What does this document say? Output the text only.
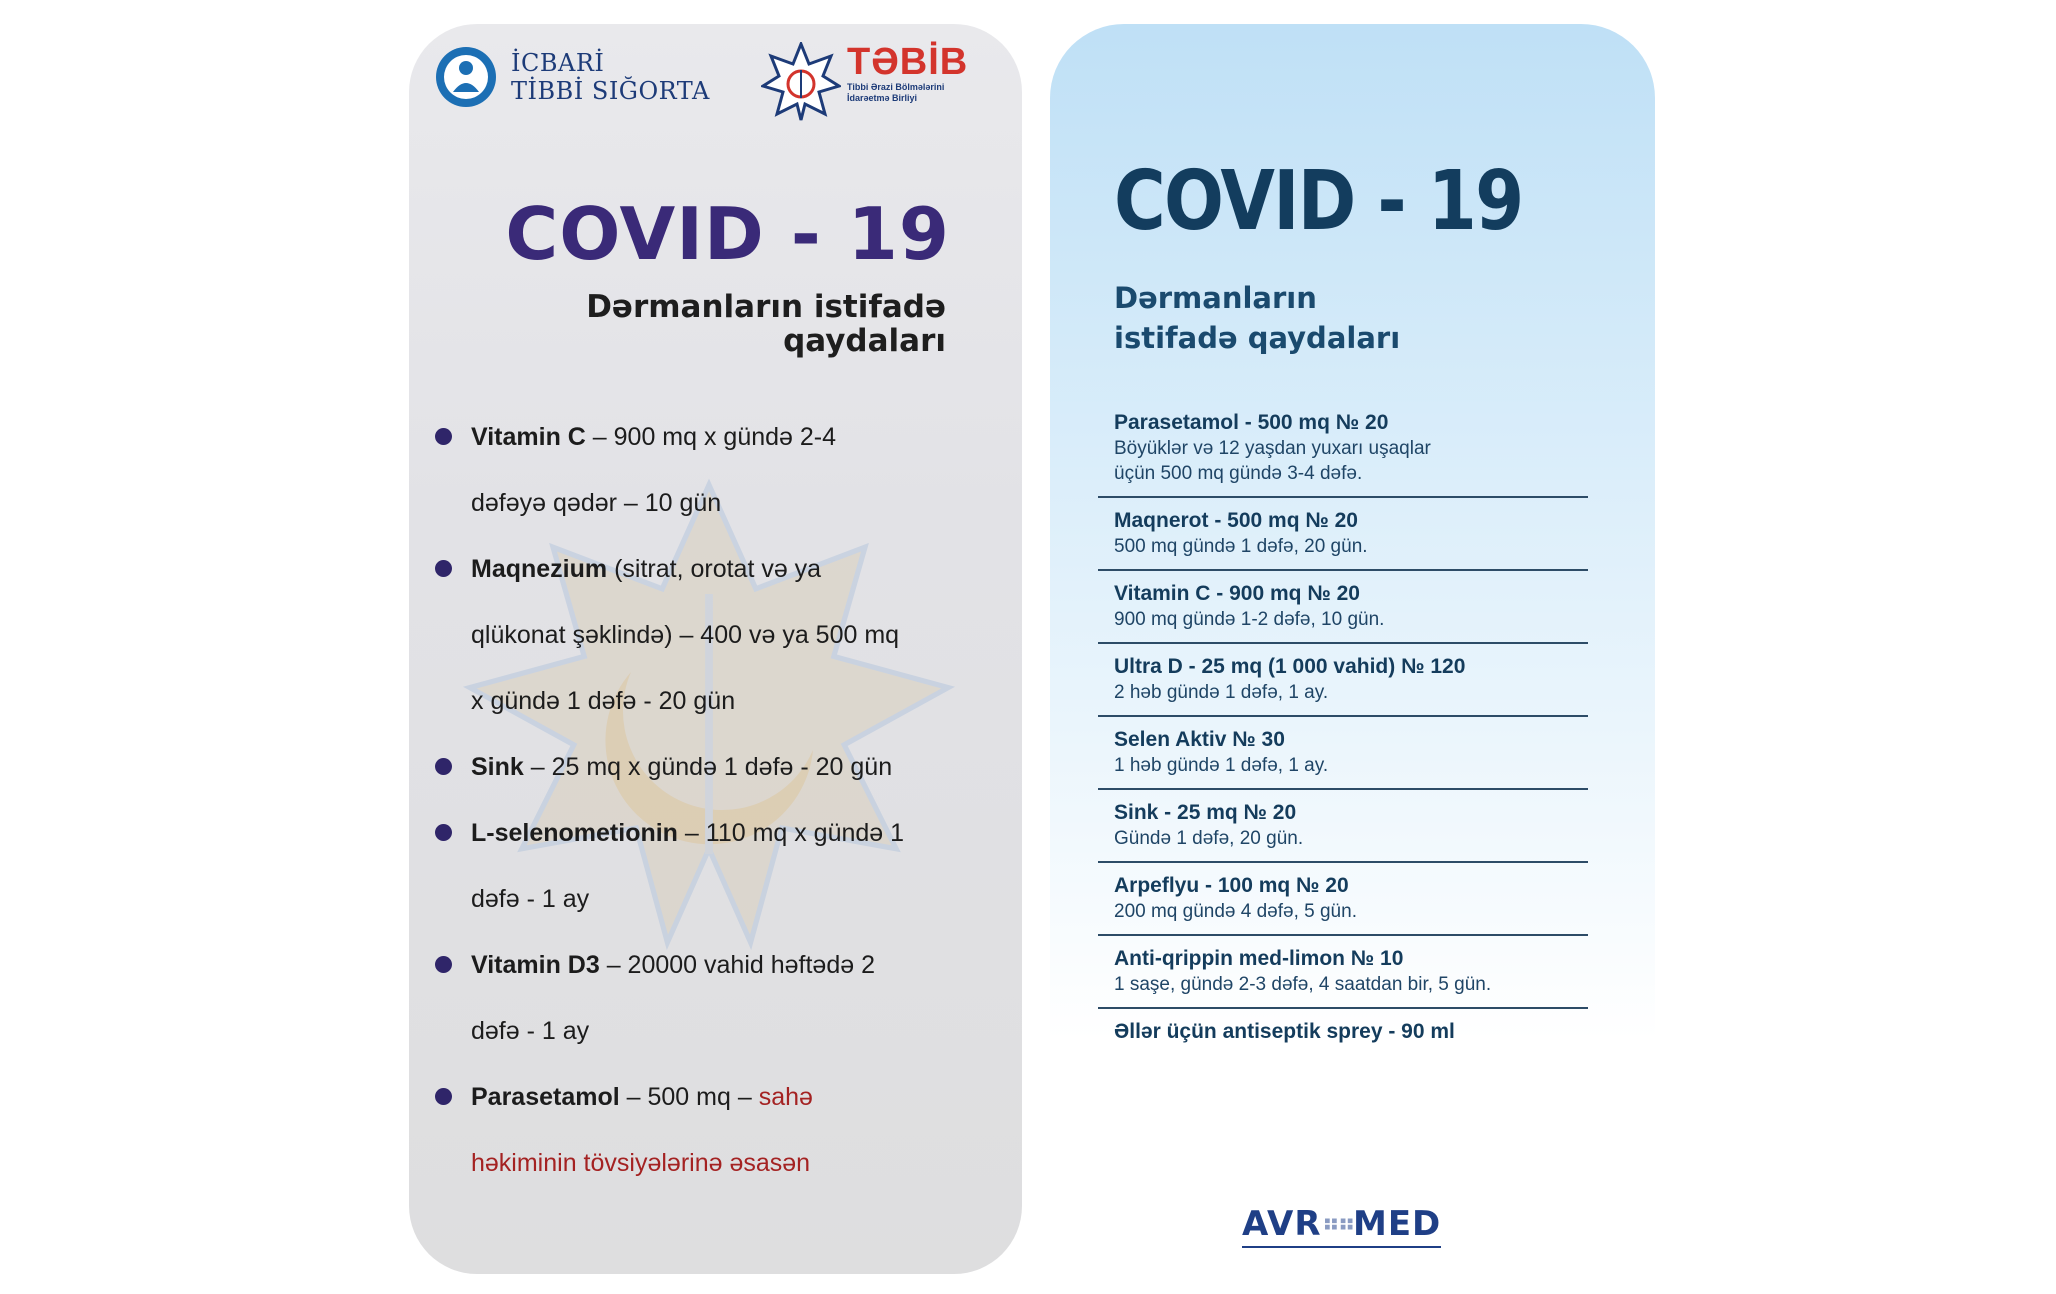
İCBARİ
TİBBİ SIĞORTA
TƏBİB
Tibbi Ərazi Bölmələrini İdarəetmə Birliyi
COVID - 19
Dərmanların istifadə
qaydaları
Vitamin C – 900 mq x gündə 2-4
dəfəyə qədər – 10 gün
Maqnezium (sitrat, orotat və ya
qlükonat şəklində) – 400 və ya 500 mq
x gündə 1 dəfə - 20 gün
Sink – 25 mq x gündə 1 dəfə - 20 gün
L-selenometionin – 110 mq x gündə 1
dəfə - 1 ay
Vitamin D3 – 20000 vahid həftədə 2
dəfə - 1 ay
Parasetamol – 500 mq – sahə
həkiminin tövsiyələrinə əsasən
COVID - 19
Dərmanların
istifadə qaydaları
Parasetamol - 500 mq № 20
Böyüklər və 12 yaşdan yuxarı uşaqlar
üçün 500 mq gündə 3-4 dəfə.
Maqnerot - 500 mq № 20
500 mq gündə 1 dəfə, 20 gün.
Vitamin C - 900 mq № 20
900 mq gündə 1-2 dəfə, 10 gün.
Ultra D - 25 mq (1 000 vahid) № 120
2 həb gündə 1 dəfə, 1 ay.
Selen Aktiv № 30
1 həb gündə 1 dəfə, 1 ay.
Sink - 25 mq № 20
Gündə 1 dəfə, 20 gün.
Arpeflyu - 100 mq № 20
200 mq gündə 4 dəfə, 5 gün.
Anti-qrippin med-limon № 10
1 saşe, gündə 2-3 dəfə, 4 saatdan bir, 5 gün.
Əllər üçün antiseptik sprey - 90 ml
AVR⠶⠶MED
